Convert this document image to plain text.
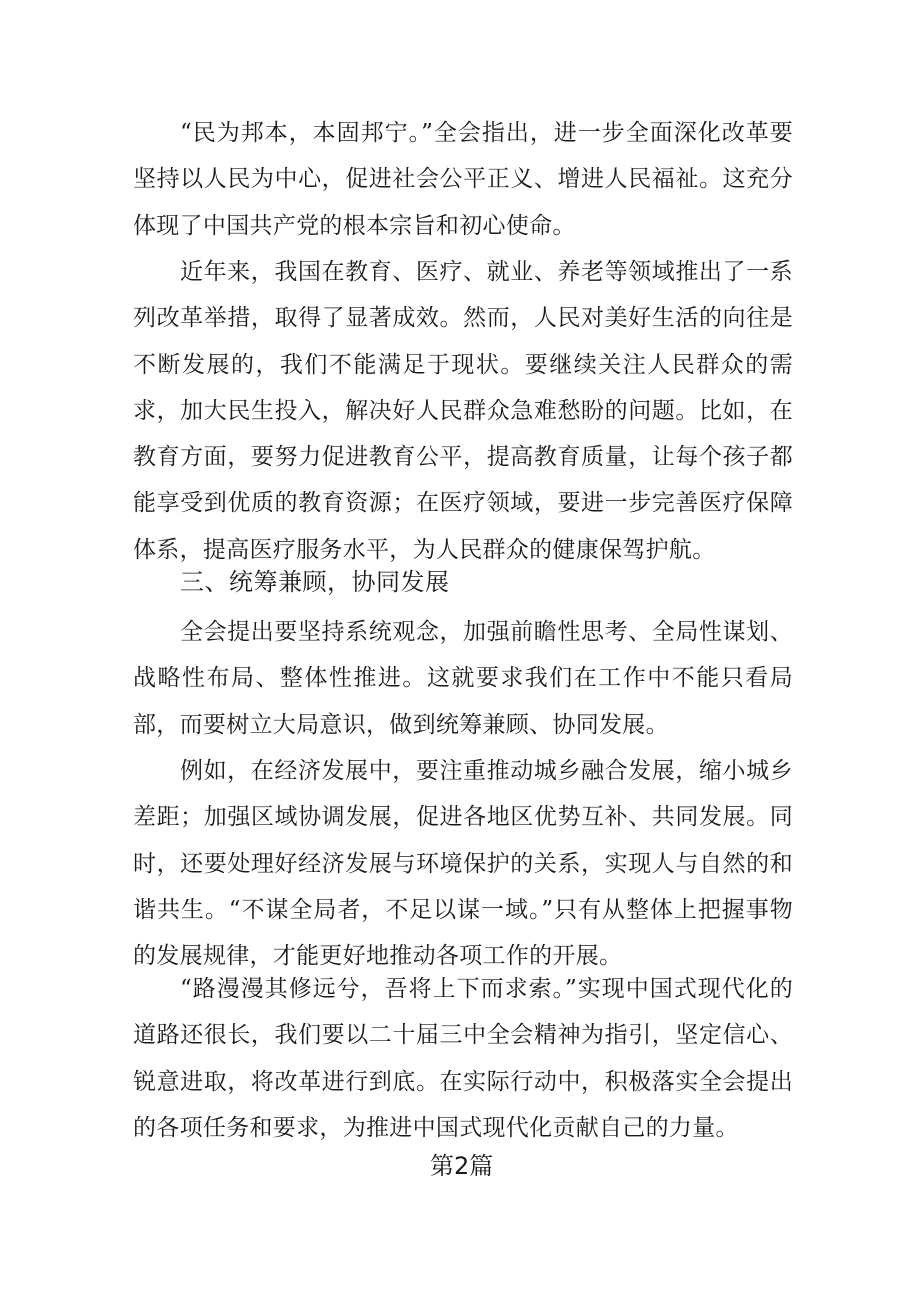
“民为邦本，本固邦宁。”全会指出，进一步全面深化改革要坚持以人民为中心，促进社会公平正义、增进人民福祉。这充分体现了中国共产党的根本宗旨和初心使命。

近年来，我国在教育、医疗、就业、养老等领域推出了一系列改革举措，取得了显著成效。然而，人民对美好生活的向往是不断发展的，我们不能满足于现状。要继续关注人民群众的需求，加大民生投入，解决好人民群众急难愁盼的问题。比如，在教育方面，要努力促进教育公平，提高教育质量，让每个孩子都能享受到优质的教育资源；在医疗领域，要进一步完善医疗保障体系，提高医疗服务水平，为人民群众的健康保驾护航。

三、统筹兼顾，协同发展

全会提出要坚持系统观念，加强前瞻性思考、全局性谋划、战略性布局、整体性推进。这就要求我们在工作中不能只看局部，而要树立大局意识，做到统筹兼顾、协同发展。

例如，在经济发展中，要注重推动城乡融合发展，缩小城乡差距；加强区域协调发展，促进各地区优势互补、共同发展。同时，还要处理好经济发展与环境保护的关系，实现人与自然的和谐共生。“不谋全局者，不足以谋一域。”只有从整体上把握事物的发展规律，才能更好地推动各项工作的开展。

“路漫漫其修远兮，吾将上下而求索。”实现中国式现代化的道路还很长，我们要以二十届三中全会精神为指引，坚定信心、锐意进取，将改革进行到底。在实际行动中，积极落实全会提出的各项任务和要求，为推进中国式现代化贡献自己的力量。

第2篇
